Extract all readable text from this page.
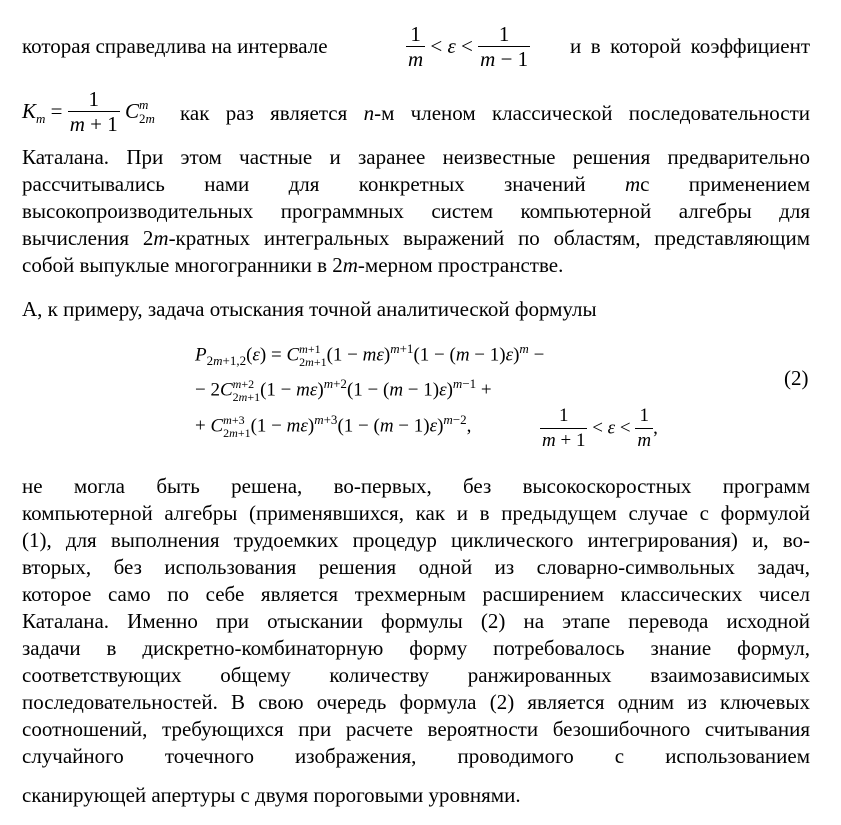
которая справедлива на интервале	$\frac{1}{m} < \varepsilon < \frac{1}{m - 1}$ и в которой коэффициент
$K_m = \frac{1}{m + 1}$ C m
2m как раз является n-м членом классической последовательности
Каталана. При этом частные и заранее неизвестные решения предварительно
рассчитывались нами для конкретных значений mс применением
высокопроизводительных программных систем компьютерной алгебры для
вычисления 2m-кратных интегральных выражений по областям, представляющим
собой выпуклые многогранники в 2m-мерном пространстве.
А, к примеру, задача отыскания точной аналитической формулы
$P_{2m+1,2}(\varepsilon) = C$ m+1
2m+1 $(1 - m\varepsilon)^{m+1}(1 - (m - 1)\varepsilon)^m$ −
− 2C m+2
2m+1 $(1 - m\varepsilon)^{m+2}(1 - (m - 1)\varepsilon)^{m-1}$ +
+ C m+3
2m+1 $(1 - m\varepsilon)^{m+3}(1 - (m - 1)\varepsilon)^{m-2}$,	$\frac{1}{m + 1} < \varepsilon < \frac{1}{m}$ ,
(2)
не могла быть решена, во-первых, без высокоскоростных программ
компьютерной алгебры (применявшихся, как и в предыдущем случае с формулой
(1), для выполнения трудоемких процедур циклического интегрирования) и, во-
вторых, без использования решения одной из словарно-символьных задач,
которое само по себе является трехмерным расширением классических чисел
Каталана. Именно при отыскании формулы (2) на этапе перевода исходной
задачи в дискретно-комбинаторную форму потребовалось знание формул,
соответствующих общему количеству ранжированных взаимозависимых
последовательностей. В свою очередь формула (2) является одним из ключевых
соотношений, требующихся при расчете вероятности безошибочного считывания
случайного точечного изображения, проводимого с использованием
сканирующей апертуры с двумя пороговыми уровнями.
